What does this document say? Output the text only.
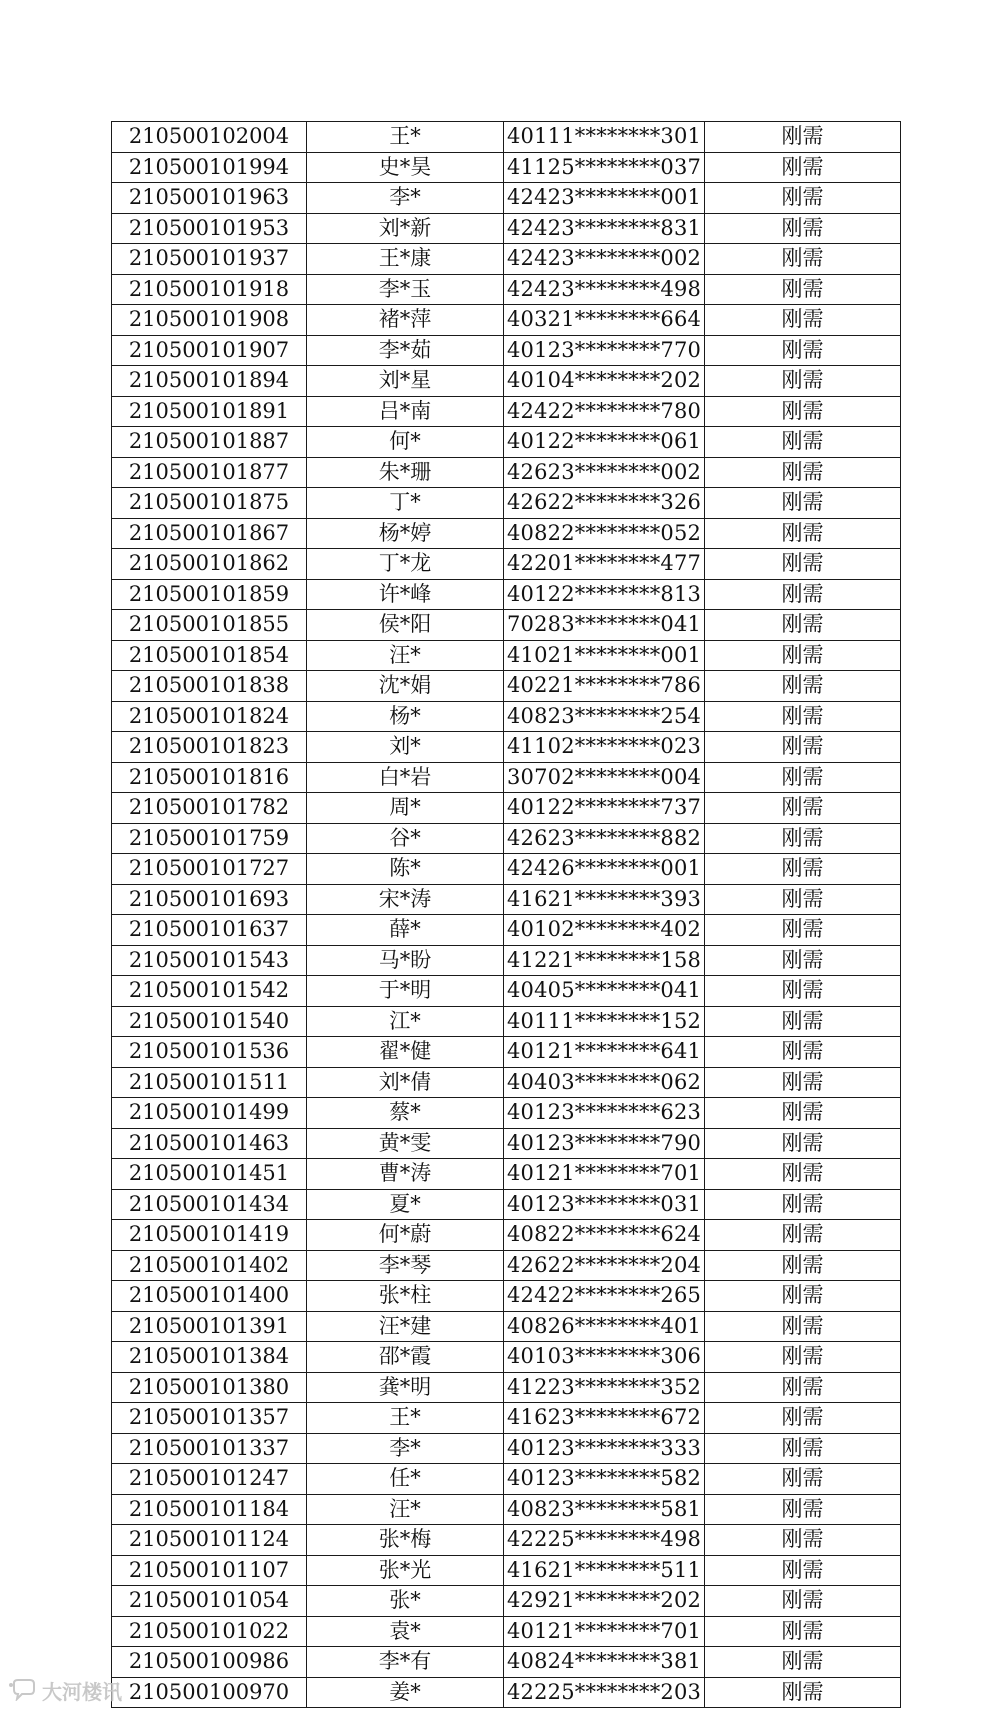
210500102004	王*	40111********301	刚需
210500101994	史*昊	41125********037	刚需
210500101963	李*	42423********001	刚需
210500101953	刘*新	42423********831	刚需
210500101937	王*康	42423********002	刚需
210500101918	李*玉	42423********498	刚需
210500101908	褚*萍	40321********664	刚需
210500101907	李*茹	40123********770	刚需
210500101894	刘*星	40104********202	刚需
210500101891	吕*南	42422********780	刚需
210500101887	何*	40122********061	刚需
210500101877	朱*珊	42623********002	刚需
210500101875	丁*	42622********326	刚需
210500101867	杨*婷	40822********052	刚需
210500101862	丁*龙	42201********477	刚需
210500101859	许*峰	40122********813	刚需
210500101855	侯*阳	70283********041	刚需
210500101854	汪*	41021********001	刚需
210500101838	沈*娟	40221********786	刚需
210500101824	杨*	40823********254	刚需
210500101823	刘*	41102********023	刚需
210500101816	白*岩	30702********004	刚需
210500101782	周*	40122********737	刚需
210500101759	谷*	42623********882	刚需
210500101727	陈*	42426********001	刚需
210500101693	宋*涛	41621********393	刚需
210500101637	薛*	40102********402	刚需
210500101543	马*盼	41221********158	刚需
210500101542	于*明	40405********041	刚需
210500101540	江*	40111********152	刚需
210500101536	翟*健	40121********641	刚需
210500101511	刘*倩	40403********062	刚需
210500101499	蔡*	40123********623	刚需
210500101463	黄*雯	40123********790	刚需
210500101451	曹*涛	40121********701	刚需
210500101434	夏*	40123********031	刚需
210500101419	何*蔚	40822********624	刚需
210500101402	李*琴	42622********204	刚需
210500101400	张*柱	42422********265	刚需
210500101391	汪*建	40826********401	刚需
210500101384	邵*霞	40103********306	刚需
210500101380	龚*明	41223********352	刚需
210500101357	王*	41623********672	刚需
210500101337	李*	40123********333	刚需
210500101247	任*	40123********582	刚需
210500101184	汪*	40823********581	刚需
210500101124	张*梅	42225********498	刚需
210500101107	张*光	41621********511	刚需
210500101054	张*	42921********202	刚需
210500101022	袁*	40121********701	刚需
210500100986	李*有	40824********381	刚需
210500100970	姜*	42225********203	刚需
大河楼讯
